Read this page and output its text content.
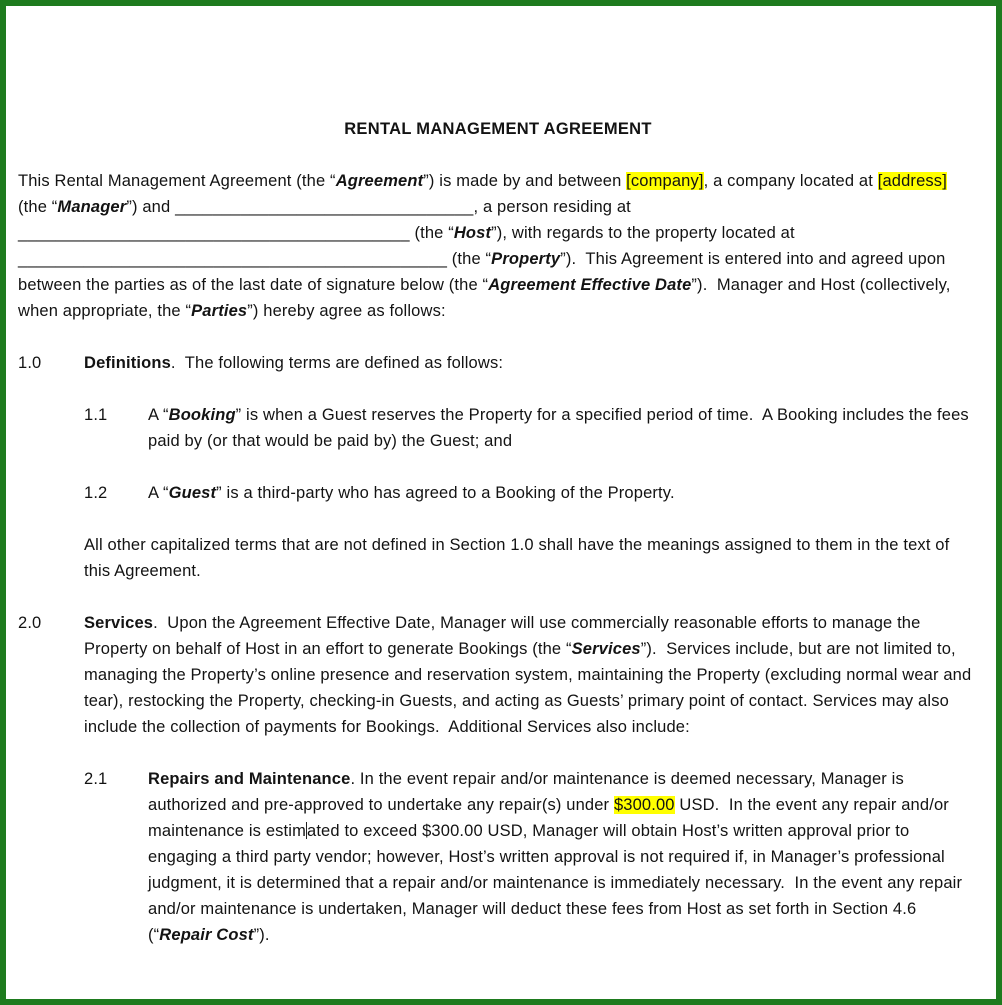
RENTAL MANAGEMENT AGREEMENT

This Rental Management Agreement (the “Agreement”) is made by and between [company], a company located at [address] (the “Manager”) and ________________________________, a person residing at __________________________________________ (the “Host”), with regards to the property located at ______________________________________________ (the “Property”).  This Agreement is entered into and agreed upon between the parties as of the last date of signature below (the “Agreement Effective Date”).  Manager and Host (collectively, when appropriate, the “Parties”) hereby agree as follows:

1.0	Definitions.  The following terms are defined as follows:
1.1	A “Booking” is when a Guest reserves the Property for a specified period of time.  A Booking includes the fees paid by (or that would be paid by) the Guest; and
1.2	A “Guest” is a third-party who has agreed to a Booking of the Property.

All other capitalized terms that are not defined in Section 1.0 shall have the meanings assigned to them in the text of this Agreement.

2.0	Services.  Upon the Agreement Effective Date, Manager will use commercially reasonable efforts to manage the Property on behalf of Host in an effort to generate Bookings (the “Services”).  Services include, but are not limited to, managing the Property’s online presence and reservation system, maintaining the Property (excluding normal wear and tear), restocking the Property, checking-in Guests, and acting as Guests’ primary point of contact. Services may also include the collection of payments for Bookings.  Additional Services also include:
2.1	Repairs and Maintenance. In the event repair and/or maintenance is deemed necessary, Manager is authorized and pre-approved to undertake any repair(s) under $300.00 USD.  In the event any repair and/or maintenance is estimated to exceed $300.00 USD, Manager will obtain Host’s written approval prior to engaging a third party vendor; however, Host’s written approval is not required if, in Manager’s professional judgment, it is determined that a repair and/or maintenance is immediately necessary.  In the event any repair and/or maintenance is undertaken, Manager will deduct these fees from Host as set forth in Section 4.6 (“Repair Cost”).
